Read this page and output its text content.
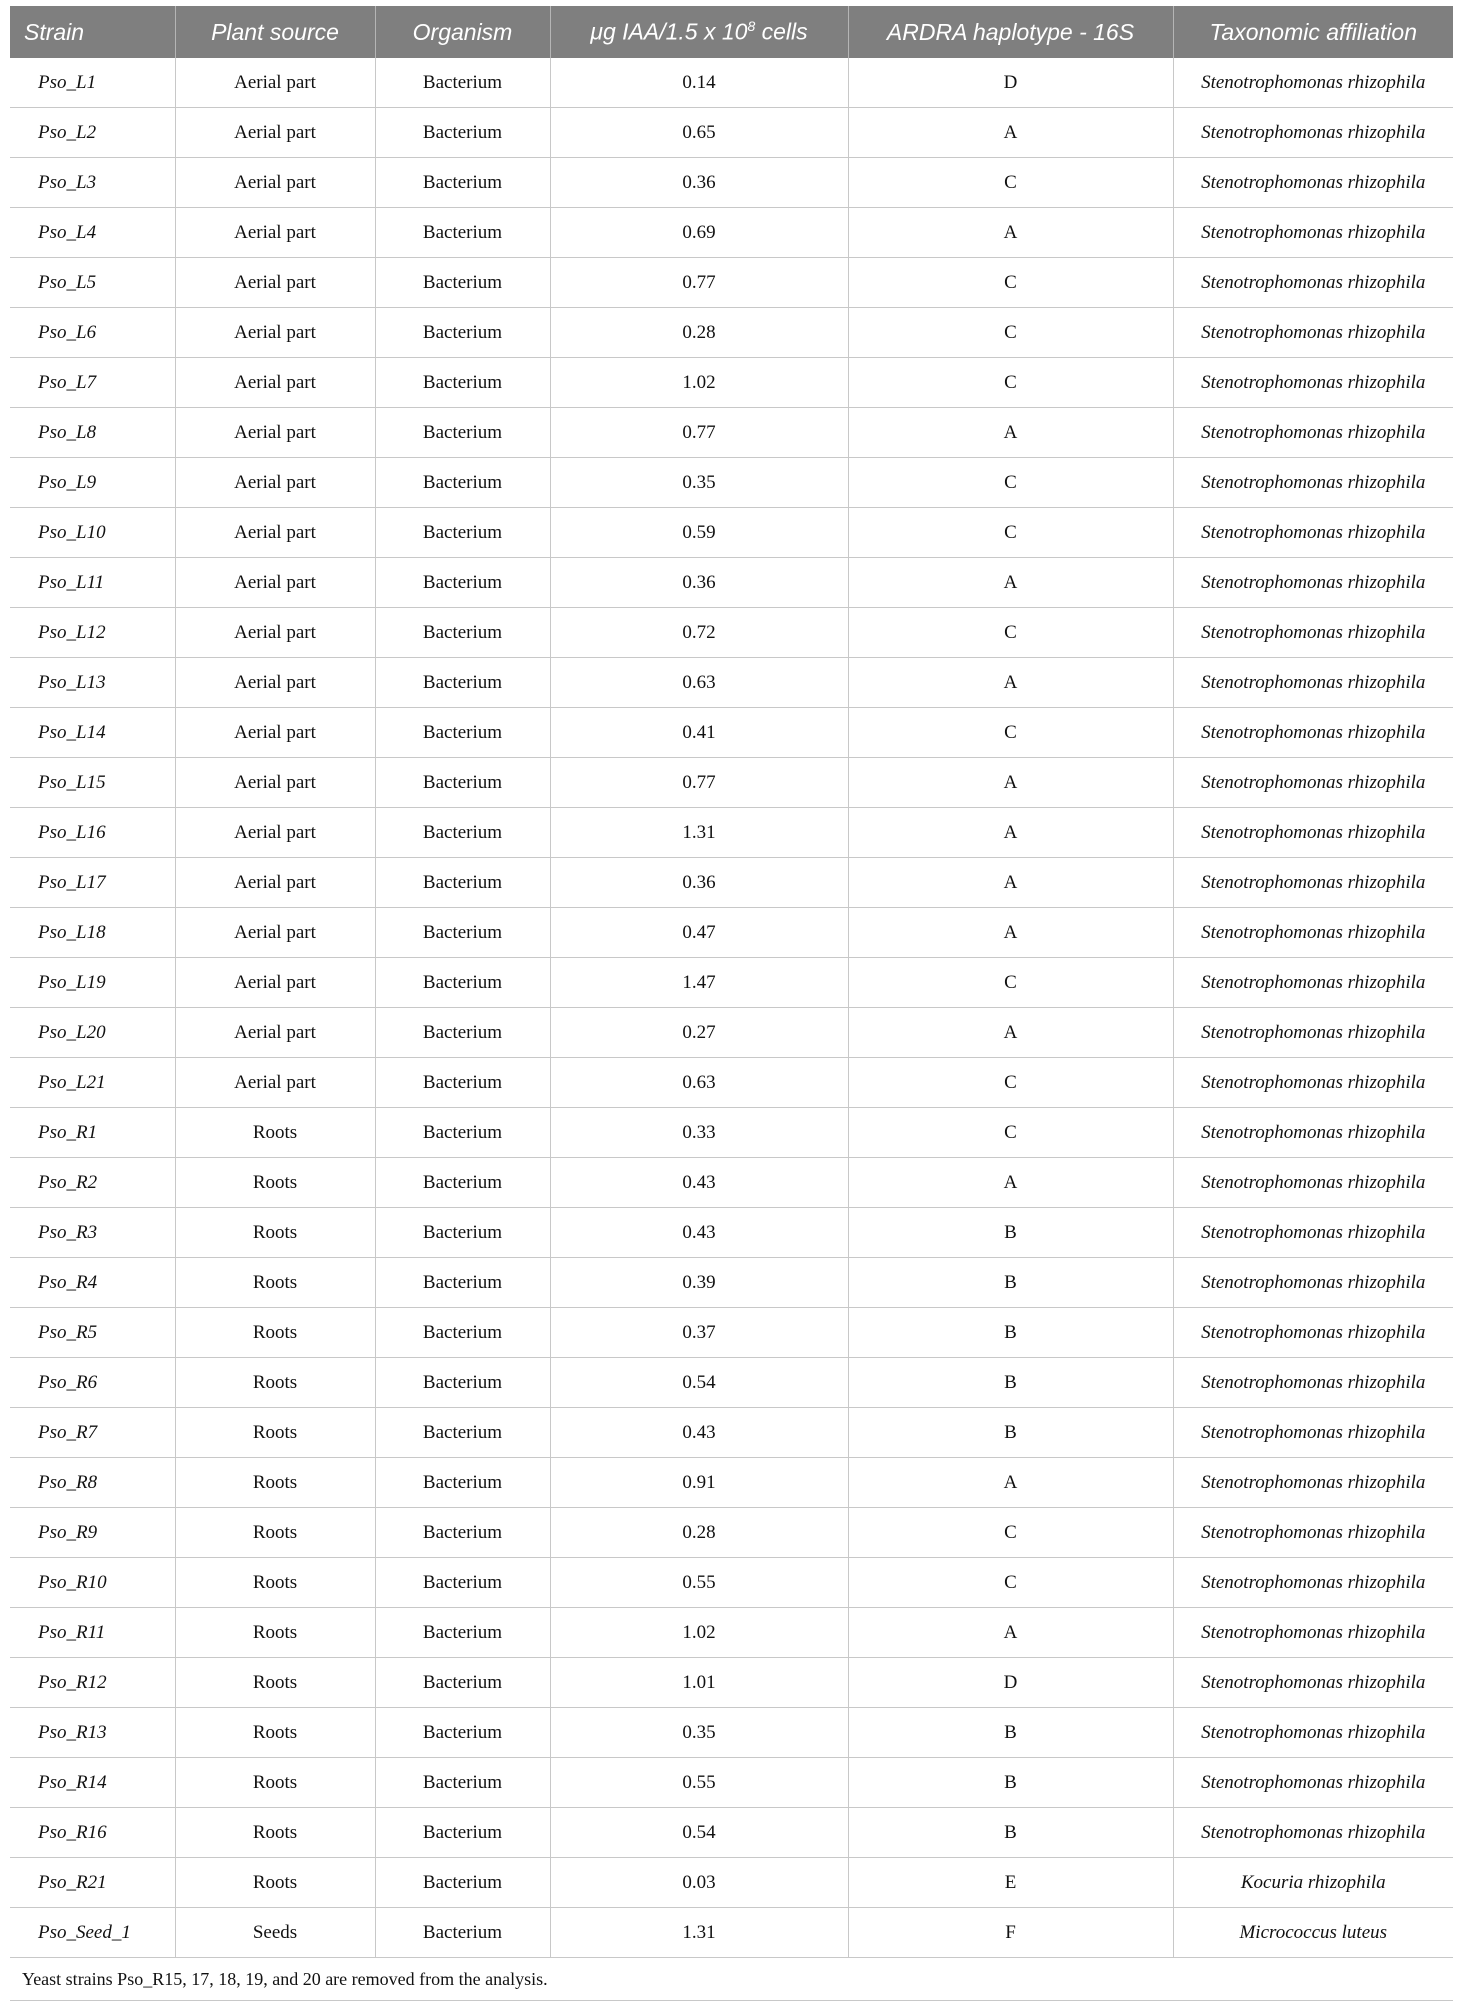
Strain	Plant source	Organism	μg IAA/1.5 x $10^8$ cells	ARDRA haplotype - 16S	Taxonomic affiliation
Pso_L1	Aerial part	Bacterium	0.14	D	Stenotrophomonas rhizophila
Pso_L2	Aerial part	Bacterium	0.65	A	Stenotrophomonas rhizophila
Pso_L3	Aerial part	Bacterium	0.36	C	Stenotrophomonas rhizophila
Pso_L4	Aerial part	Bacterium	0.69	A	Stenotrophomonas rhizophila
Pso_L5	Aerial part	Bacterium	0.77	C	Stenotrophomonas rhizophila
Pso_L6	Aerial part	Bacterium	0.28	C	Stenotrophomonas rhizophila
Pso_L7	Aerial part	Bacterium	1.02	C	Stenotrophomonas rhizophila
Pso_L8	Aerial part	Bacterium	0.77	A	Stenotrophomonas rhizophila
Pso_L9	Aerial part	Bacterium	0.35	C	Stenotrophomonas rhizophila
Pso_L10	Aerial part	Bacterium	0.59	C	Stenotrophomonas rhizophila
Pso_L11	Aerial part	Bacterium	0.36	A	Stenotrophomonas rhizophila
Pso_L12	Aerial part	Bacterium	0.72	C	Stenotrophomonas rhizophila
Pso_L13	Aerial part	Bacterium	0.63	A	Stenotrophomonas rhizophila
Pso_L14	Aerial part	Bacterium	0.41	C	Stenotrophomonas rhizophila
Pso_L15	Aerial part	Bacterium	0.77	A	Stenotrophomonas rhizophila
Pso_L16	Aerial part	Bacterium	1.31	A	Stenotrophomonas rhizophila
Pso_L17	Aerial part	Bacterium	0.36	A	Stenotrophomonas rhizophila
Pso_L18	Aerial part	Bacterium	0.47	A	Stenotrophomonas rhizophila
Pso_L19	Aerial part	Bacterium	1.47	C	Stenotrophomonas rhizophila
Pso_L20	Aerial part	Bacterium	0.27	A	Stenotrophomonas rhizophila
Pso_L21	Aerial part	Bacterium	0.63	C	Stenotrophomonas rhizophila
Pso_R1	Roots	Bacterium	0.33	C	Stenotrophomonas rhizophila
Pso_R2	Roots	Bacterium	0.43	A	Stenotrophomonas rhizophila
Pso_R3	Roots	Bacterium	0.43	B	Stenotrophomonas rhizophila
Pso_R4	Roots	Bacterium	0.39	B	Stenotrophomonas rhizophila
Pso_R5	Roots	Bacterium	0.37	B	Stenotrophomonas rhizophila
Pso_R6	Roots	Bacterium	0.54	B	Stenotrophomonas rhizophila
Pso_R7	Roots	Bacterium	0.43	B	Stenotrophomonas rhizophila
Pso_R8	Roots	Bacterium	0.91	A	Stenotrophomonas rhizophila
Pso_R9	Roots	Bacterium	0.28	C	Stenotrophomonas rhizophila
Pso_R10	Roots	Bacterium	0.55	C	Stenotrophomonas rhizophila
Pso_R11	Roots	Bacterium	1.02	A	Stenotrophomonas rhizophila
Pso_R12	Roots	Bacterium	1.01	D	Stenotrophomonas rhizophila
Pso_R13	Roots	Bacterium	0.35	B	Stenotrophomonas rhizophila
Pso_R14	Roots	Bacterium	0.55	B	Stenotrophomonas rhizophila
Pso_R16	Roots	Bacterium	0.54	B	Stenotrophomonas rhizophila
Pso_R21	Roots	Bacterium	0.03	E	Kocuria rhizophila
Pso_Seed_1	Seeds	Bacterium	1.31	F	Micrococcus luteus
Yeast strains Pso_R15, 17, 18, 19, and 20 are removed from the analysis.					
